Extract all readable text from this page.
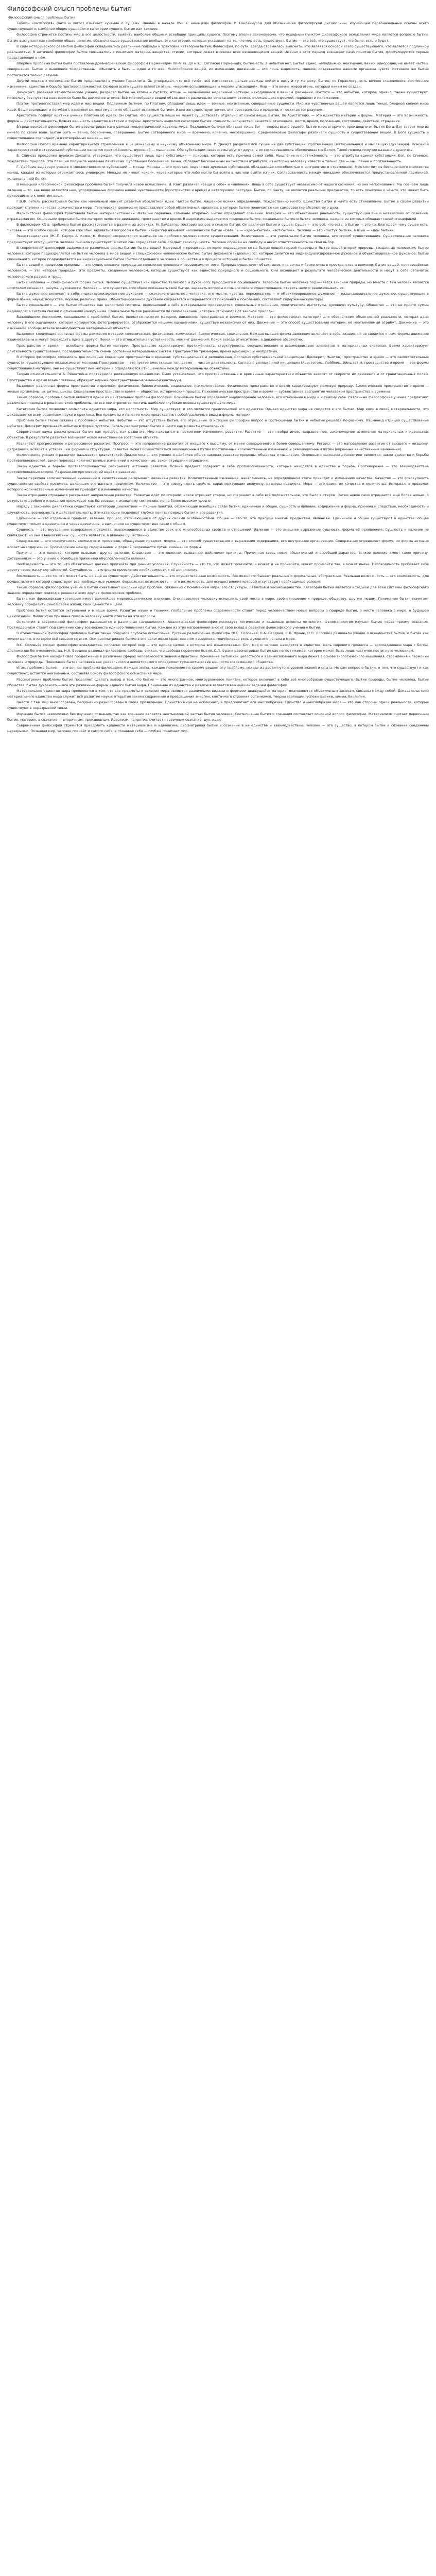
Философский смысл проблемы бытия
Философский смысл проблемы бытия

Термин «онтология» (онто и логос) означает «учение о сущем». Введён в начале XVII в. немецким философом Р. Гоклениусом для обозначения философской дисциплины, изучающей первоначальные основы всего существующего, наиболее общие сущности и категории сущего, бытие как таковое.

Философия стремится постичь мир в его целостности, выявить наиболее общие и всеобщие принципы сущего. Поэтому вполне закономерно, что исходным пунктом философского осмысления мира является вопрос о бытии. Бытие выступает как наиболее общее понятие, обозначающее существование вообще. Это категория, которая указывает на то, что мир есть, существует. Бытие — это всё, что существует, что было, есть и будет.

В ходе исторического развития философии складывались различные подходы к трактовке категории бытия. Философия, по сути, всегда стремилась выяснить, что является основой всего существующего, что является подлинной реальностью. В античной философии бытие связывалось с понятием материи, вещества, стихии, которые лежат в основе всех изменяющихся вещей. Именно в этот период возникает само понятие бытия, формулируются первые представления о нём.

Впервые проблема бытия была поставлена древнегреческим философом Парменидом (VI–V вв. до н.э.). Согласно Пармениду, бытие есть, а небытия нет. Бытие едино, неподвижно, неизменно, вечно, однородно, не имеет частей, совершенно. Бытие и мышление тождественны: «Мыслить и быть — одно и то же». Многообразие вещей, их изменение, движение — это лишь видимость, мнение, создаваемое нашими органами чувств. Истинное же бытие постигается только разумом.

Другой подход к пониманию бытия представлен в учении Гераклита. Он утверждал, что всё течёт, всё изменяется, нельзя дважды войти в одну и ту же реку. Бытие, по Гераклиту, есть вечное становление, постоянное изменение, единство и борьба противоположностей. Основой всего сущего является огонь, «мерами вспыхивающий и мерами угасающий». Мир — это вечно живой огонь, который никем не создан.

Демокрит, развивая атомистическое учение, разделял бытие на атомы и пустоту. Атомы — мельчайшие неделимые частицы, находящиеся в вечном движении. Пустота — это небытие, которое, однако, также существует, поскольку без пустоты невозможно было бы движение атомов. Всё многообразие вещей объясняется различными сочетаниями атомов, отличающихся формой, порядком и положением.

Платон противопоставил мир идей и мир вещей. Подлинным бытием, по Платону, обладают лишь идеи — вечные, неизменные, совершенные сущности. Мир же чувственных вещей является лишь тенью, бледной копией мира идей. Вещи возникают и погибают, изменяются, поэтому они не обладают истинным бытием. Идеи же существуют вечно, вне пространства и времени, и постигаются разумом.

Аристотель подверг критике учение Платона об идеях. Он считал, что сущность вещи не может существовать отдельно от самой вещи. Бытие, по Аристотелю, — это единство материи и формы. Материя — это возможность, форма — действительность. Всякая вещь есть единство материи и формы. Аристотель выделил категории бытия: сущность, количество, качество, отношение, место, время, положение, состояние, действие, страдание.

В средневековой философии бытие рассматривается в рамках теоцентрической картины мира. Подлинным бытием обладает лишь Бог — творец всего сущего. Бытие мира вторично, производно от бытия Бога. Бог творит мир из ничего по своей воле. Бытие Бога — вечно, бесконечно, совершенно. Бытие сотворённого мира — временно, конечно, несовершенно. Средневековые философы различали сущность и существование вещей. В Боге сущность и существование совпадают, а в сотворённых вещах — нет.

Философия Нового времени характеризуется стремлением к рационализму и научному объяснению мира. Р. Декарт разделил всё сущее на две субстанции: протяжённую (материальную) и мыслящую (духовную). Основной характеристикой материальной субстанции является протяжённость, духовной — мышление. Обе субстанции независимы друг от друга, а их согласованность обеспечивается Богом. Такой подход получил название дуализма.

Б. Спиноза преодолел дуализм Декарта, утверждая, что существует лишь одна субстанция — природа, которая есть причина самой себя. Мышление и протяжённость — это атрибуты единой субстанции. Бог, по Спинозе, тождествен природе. Эта позиция получила название пантеизма. Субстанция бесконечна, вечна, обладает бесконечным множеством атрибутов, из которых человеку известны только два — мышление и протяжённость.

Г. Лейбниц выдвинул учение о множественности субстанций — монад. Монада — это простая, неделимая духовная субстанция, обладающая способностью к восприятию и стремлению. Мир состоит из бесконечного множества монад, каждая из которых отражает весь универсум. Монады не имеют «окон», через которые что-либо могло бы войти в них или выйти из них. Согласованность между монадами обеспечивается предустановленной гармонией, установленной Богом.

В немецкой классической философии проблема бытия получила новое осмысление. И. Кант различал «вещи в себе» и «явления». Вещь в себе существует независимо от нашего сознания, но она непознаваема. Мы познаём лишь явления — то, как вещи являются нам, упорядоченные формами нашей чувственности (пространство и время) и категориями рассудка. Бытие, по Канту, не является реальным предикатом, то есть понятием о чём-то, что может быть присоединено к понятию вещи.

Г.В.Ф. Гегель рассматривал бытие как начальный момент развития абсолютной идеи. Чистое бытие, лишённое всяких определений, тождественно ничто. Единство бытия и ничто есть становление. Бытие в своём развитии проходит ступени качества, количества и меры. Гегелевская философия представляет собой объективный идеализм, в котором бытие понимается как саморазвитие абсолютного духа.

Марксистская философия трактовала бытие материалистически. Материя первична, сознание вторично. Бытие определяет сознание. Материя — это объективная реальность, существующая вне и независимо от сознания, отражаемая им. Основными формами бытия материи являются движение, пространство и время. В марксизме выделяются природное бытие, социальное бытие и бытие человека, каждое из которых обладает своей спецификой.

В философии XX в. проблема бытия рассматривается в различных аспектах. М. Хайдеггер поставил вопрос о смысле бытия. Он различал бытие и сущее. Сущее — это всё, что есть, а бытие — это то, благодаря чему сущее есть. Человек — это особое сущее, которое способно задаваться вопросом о бытии. Хайдеггер называет человеческое бытие «Dasein» — «здесь-бытие», «вот-бытие». Человек — это «пастух бытия», а язык — «дом бытия».

Экзистенциализм (Ж.-П. Сартр, А. Камю, К. Ясперс) сосредоточил внимание на проблеме человеческого существования. Экзистенция — это уникальное бытие человека, его способ существования. Существование человека предшествует его сущности: человек сначала существует, а затем сам определяет себя, создаёт свою сущность. Человек обречён на свободу и несёт ответственность за свой выбор.

В современной философии выделяются различные формы бытия: бытие вещей (природы) и процессов, которое подразделяется на бытие вещей первой природы и бытие вещей второй природы, созданных человеком; бытие человека, которое подразделяется на бытие человека в мире вещей и специфически человеческое бытие; бытие духовного (идеального), которое делится на индивидуализированное духовное и объективированное духовное; бытие социального, которое подразделяется на индивидуальное бытие (бытие отдельного человека в обществе и в процессе истории) и бытие общества.

Бытие вещей и процессов природы — это существование природы до появления человека и независимо от него. Природа существует объективно, она вечна и бесконечна в пространстве и времени. Бытие вещей, произведённых человеком, — это «вторая природа». Это предметы, созданные человеком, которые существуют как единство природного и социального. Они возникают в результате человеческой деятельности и несут в себе отпечаток человеческого разума и труда.

Бытие человека — специфическая форма бытия. Человек существует как единство телесного и духовного, природного и социального. Телесное бытие человека подчиняется законам природы, но вместе с тем человек является носителем сознания, разума, духовности. Человек — это существо, способное осознавать своё бытие, задавать вопросы о смысле своего существования, ставить цели и реализовывать их.

Бытие духовного включает в себя индивидуализированное духовное — сознание отдельного человека, его мысли, чувства, переживания, — и объективированное духовное — надындивидуальное духовное, существующее в форме языка, науки, искусства, морали, религии, права. Объективированное духовное сохраняется и передаётся от поколения к поколению, составляет содержание культуры.

Бытие социального — это бытие общества как целостной системы, включающей в себя материальное производство, социальные отношения, политические институты, духовную культуру. Общество — это не просто сумма индивидов, а система связей и отношений между ними. Социальное бытие развивается по своим законам, которые отличаются от законов природы.

Важнейшими понятиями, связанными с проблемой бытия, являются понятия материи, движения, пространства и времени. Материя — это философская категория для обозначения объективной реальности, которая дана человеку в его ощущениях, которая копируется, фотографируется, отображается нашими ощущениями, существуя независимо от них. Движение — это способ существования материи, её неотъемлемый атрибут. Движение — это изменение вообще, всякое взаимодействие материальных объектов.

Выделяют следующие основные формы движения материи: механическая, физическая, химическая, биологическая, социальная. Каждая высшая форма движения включает в себя низшие, но не сводится к ним. Формы движения взаимосвязаны и могут переходить одна в другую. Покой — это относительная устойчивость, момент движения. Покой всегда относителен, а движение абсолютно.

Пространство и время — всеобщие формы бытия материи. Пространство характеризует протяжённость, структурность, сосуществование и взаимодействие элементов в материальных системах. Время характеризует длительность существования, последовательность смены состояний материальных систем. Пространство трёхмерно, время одномерно и необратимо.

В истории философии сложились две основные концепции пространства и времени: субстанциальная и реляционная. Согласно субстанциальной концепции (Демокрит, Ньютон), пространство и время — это самостоятельные сущности, существующие независимо от материи. Пространство — это пустое вместилище тел, время — чистая длительность. Согласно реляционной концепции (Аристотель, Лейбниц, Эйнштейн), пространство и время — это формы существования материи, они не существуют вне материи и определяются отношениями между материальными объектами.

Теория относительности А. Эйнштейна подтвердила реляционную концепцию. Было установлено, что пространственные и временные характеристики объектов зависят от скорости их движения и от гравитационных полей. Пространство и время взаимосвязаны, образуют единый пространственно-временной континуум.

Выделяют различные формы пространства и времени: физическое, биологическое, социальное, психологическое. Физическое пространство и время характеризуют неживую природу. Биологическое пространство и время — живые организмы, их ритмы, циклы. Социальное пространство и время — общество, исторический процесс. Психологическое пространство и время — субъективное восприятие человеком пространства и времени.

Таким образом, проблема бытия является одной из центральных проблем философии. Понимание бытия определяет мировоззрение человека, его отношение к миру и к самому себе. Различные философские учения предлагают различные подходы к решению этой проблемы, но все они стремятся постичь наиболее глубокие основы существующего мира.

Категория бытия позволяет осмыслить единство мира, его целостность. Мир существует, и это является предпосылкой его единства. Однако единство мира не сводится к его бытию. Мир един в своей материальности, что доказывается всем развитием науки и практики. Все предметы и явления мира представляют собой различные виды и формы материи.

Проблема бытия тесно связана с проблемой небытия. Небытие — это отсутствие бытия, его отрицание. В истории философии вопрос о соотношении бытия и небытия решался по-разному. Парменид отрицал существование небытия, Демокрит признавал небытие в форме пустоты, Гегель рассматривал бытие и ничто как моменты становления.

Современная наука рассматривает бытие как процесс, как развитие. Мир находится в постоянном изменении, развитии. Развитие — это необратимое, направленное, закономерное изменение материальных и идеальных объектов. В результате развития возникает новое качественное состояние объекта.

Различают прогрессивное и регрессивное развитие. Прогресс — это направление развития от низшего к высшему, от менее совершенного к более совершенному. Регресс — это направление развития от высшего к низшему, деградация, возврат к устаревшим формам и структурам. Развитие может осуществляться эволюционным путём (постепенные количественные изменения) и революционным путём (коренные качественные изменения).

Философское учение о развитии называется диалектикой. Диалектика — это учение о наиболее общих законах развития природы, общества и мышления. Основными законами диалектики являются: закон единства и борьбы противоположностей, закон перехода количественных изменений в качественные, закон отрицания отрицания.

Закон единства и борьбы противоположностей раскрывает источник развития. Всякий предмет содержит в себе противоположности, которые находятся в единстве и борьбе. Противоречие — это взаимодействие противоположных сторон. Разрешение противоречий ведёт к развитию.

Закон перехода количественных изменений в качественные раскрывает механизм развития. Количественные изменения, накапливаясь, на определённом этапе приводят к изменению качества. Качество — это совокупность существенных свойств предмета, делающих его данным предметом. Количество — это совокупность свойств, характеризующих величину, размеры предмета. Мера — это единство качества и количества, интервал, в пределах которого количественные изменения не приводят к изменению качества.

Закон отрицания отрицания раскрывает направление развития. Развитие идёт по спирали: новое отрицает старое, но сохраняет в себе всё положительное, что было в старом. Затем новое само отрицается ещё более новым. В результате двойного отрицания происходит как бы возврат к исходному состоянию, но на более высоком уровне.

Наряду с законами диалектики существуют категории диалектики — парные понятия, отражающие всеобщие связи бытия: единичное и общее, сущность и явление, содержание и форма, причина и следствие, необходимость и случайность, возможность и действительность. Эти категории позволяют глубже понять природу бытия и его развития.

Единичное — это отдельный предмет, явление, процесс, отличающийся от других своими особенностями. Общее — это то, что присуще многим предметам, явлениям. Единичное и общее существуют в единстве: общее существует только в единичном и через единичное, а единичное не существует вне связи с общим.

Сущность — это внутреннее содержание предмета, выражающееся в единстве всех его многообразных свойств и отношений. Явление — это внешнее выражение сущности, форма её проявления. Сущность и явление не совпадают, но они взаимосвязаны: сущность является, а явление существенно.

Содержание — это совокупность элементов и процессов, образующих предмет. Форма — это способ существования и выражения содержания, его внутренняя организация. Содержание определяет форму, но форма активно влияет на содержание. Противоречие между содержанием и формой разрешается путём изменения формы.

Причина — это явление, которое вызывает другое явление. Следствие — это явление, вызванное действием причины. Причинная связь носит объективный и всеобщий характер. Всякое явление имеет свою причину. Детерминизм — это учение о всеобщей причинной обусловленности явлений.

Необходимость — это то, что обязательно должно произойти при данных условиях. Случайность — это то, что может произойти, а может и не произойти, может произойти так, а может иначе. Необходимость пробивает себе дорогу через массу случайностей. Случайность — это форма проявления необходимости и её дополнение.

Возможность — это то, что может быть, но ещё не существует. Действительность — это осуществлённая возможность. Возможности бывают реальные и формальные, абстрактные. Реальная возможность — это возможность, для осуществления которой существуют все необходимые условия. Формальная возможность — это возможность, для осуществления которой отсутствуют необходимые условия.

Таким образом, философское учение о бытии охватывает широкий круг проблем, связанных с пониманием мира, его структуры, развития и закономерностей. Категория бытия является исходной для всей системы философского знания, определяет подход к решению всех других философских проблем.

Бытие как философская категория имеет важнейшее мировоззренческое значение. Оно позволяет человеку осмыслить своё место в мире, своё отношение к природе, обществу, другим людям. Понимание бытия помогает человеку определить смысл своей жизни, свои ценности и цели.

Проблема бытия остаётся актуальной и в наше время. Развитие науки и техники, глобальные проблемы современности ставят перед человечеством новые вопросы о природе бытия, о месте человека в мире, о будущем цивилизации. Философия призвана помочь человеку найти ответы на эти вопросы.

Онтология в современной философии развивается в различных направлениях. Аналитическая философия исследует логические и языковые аспекты онтологии. Феноменология изучает бытие через призму сознания. Постмодернизм ставит под сомнение саму возможность единого понимания бытия. Каждое из этих направлений вносит свой вклад в развитие философского учения о бытии.

В отечественной философии проблема бытия также получила глубокое осмысление. Русские религиозные философы (В.С. Соловьёв, Н.А. Бердяев, С.Л. Франк, Н.О. Лосский) развивали учение о всеединстве бытия, о бытии как живом целом, в котором всё связано со всем. Они рассматривали бытие в его религиозно-нравственном измерении, подчёркивая роль духовного начала в мире.

В.С. Соловьёв создал философию всеединства, согласно которой мир — это единое целое, в котором всё взаимосвязано. Бог, мир и человек находятся в единстве. Цель мирового процесса — воссоединение мира с Богом, достижение богочеловечества. Н.А. Бердяев развивал философию свободы, считая, что свобода первичнее бытия. С.Л. Франк рассматривал бытие как непостижимое, которое может быть лишь частично постигнуто человеком.

Философия бытия находит своё продолжение в различных сферах человеческого знания и практики. Понимание бытия как целостного и взаимосвязанного мира лежит в основе экологического мышления, стремления к гармонии человека и природы. Понимание бытия человека как уникального и неповторимого определяет гуманистические ценности современного общества.

Итак, проблема бытия — это вечная проблема философии. Каждая эпоха, каждое поколение по-своему решает эту проблему, исходя из достигнутого уровня знаний и опыта. Но сам вопрос о бытии, о том, что существует и как существует, остаётся неизменным, составляя основу философского осмысления мира.

Рассмотрение проблемы бытия позволяет сделать вывод о том, что бытие — это многогранное, многоуровневое понятие, которое включает в себя всё многообразие существующего. Бытие природы, бытие человека, бытие общества, бытие духовного — всё это различные формы единого бытия мира. Понимание их единства и различия является важнейшей задачей философии.

Материальное единство мира проявляется в том, что все предметы и явления мира являются различными видами и формами движущейся материи, подчиняются объективным законам, связаны между собой. Доказательством материального единства мира служит всё развитие науки: открытие закона сохранения и превращения энергии, клеточного строения организмов, теории эволюции, успехи физики, химии, биологии.

Вместе с тем мир многообразен, бесконечно разнообразен в своих проявлениях. Единство мира не исключает, а предполагает его многообразие. Единство и многообразие мира — это две стороны одной реальности, которые существуют в неразрывной связи.

Изучение бытия невозможно без изучения сознания, так как сознание является неотъемлемой частью бытия человека. Соотношение бытия и сознания составляет основной вопрос философии. Материализм считает первичным бытие, материю, а сознание — вторичным, производным. Идеализм, напротив, считает первичным сознание, дух, идею.

Современная философия стремится преодолеть крайности материализма и идеализма, рассматривая бытие и сознание в их единстве и взаимодействии. Человек — это существо, в котором бытие и сознание соединены неразрывно. Познавая мир, человек познаёт и самого себя, а познавая себя — глубже понимает мир.
